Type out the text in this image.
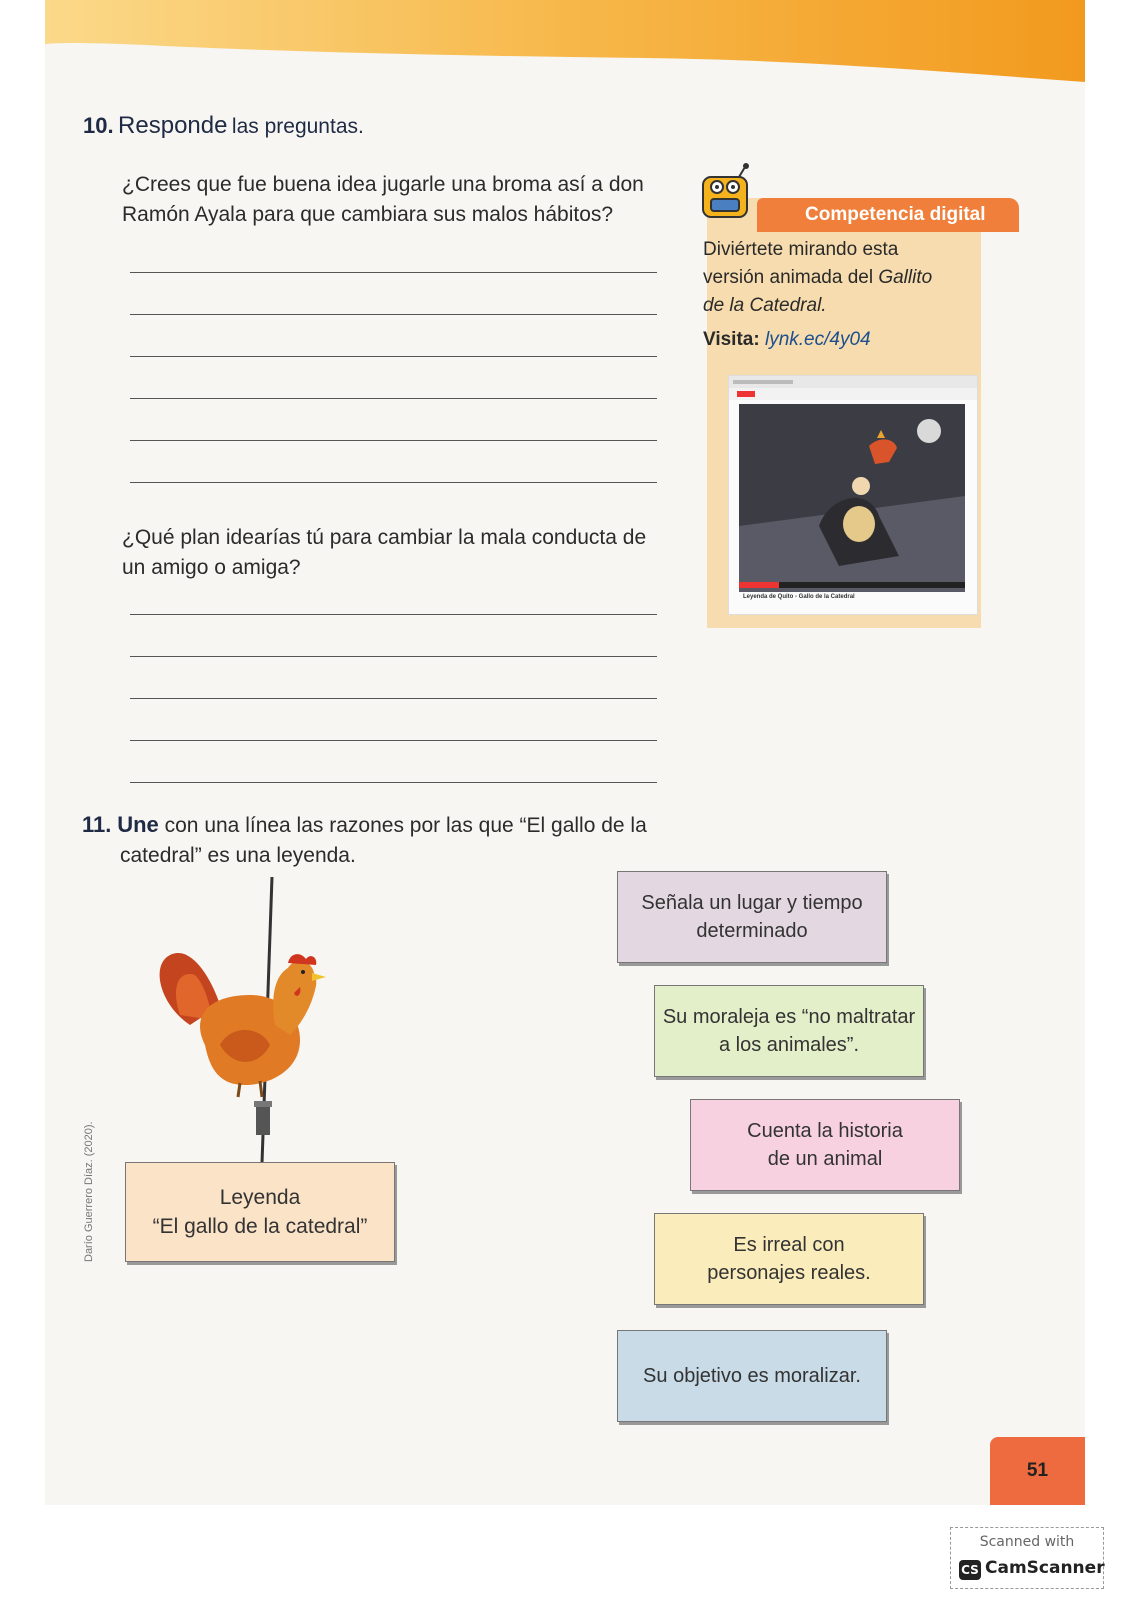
10. Responde las preguntas.
¿Crees que fue buena idea jugarle una broma así a don
Ramón Ayala para que cambiara sus malos hábitos?
¿Qué plan idearías tú para cambiar la mala conducta de
un amigo o amiga?
Competencia digital
Diviértete mirando esta
versión animada del Gallito
de la Catedral.
Visita: lynk.ec/4y04
Leyenda de Quito - Gallo de la Catedral
11. Une con una línea las razones por las que “El gallo de la
catedral” es una leyenda.
Leyenda
“El gallo de la catedral”
Darío Guerrero Díaz. (2020).
Señala un lugar y tiempo
determinado
Su moraleja es “no maltratar
a los animales”.
Cuenta la historia
de un animal
Es irreal con
personajes reales.
Su objetivo es moralizar.
51
Scanned with
CS CamScanner
